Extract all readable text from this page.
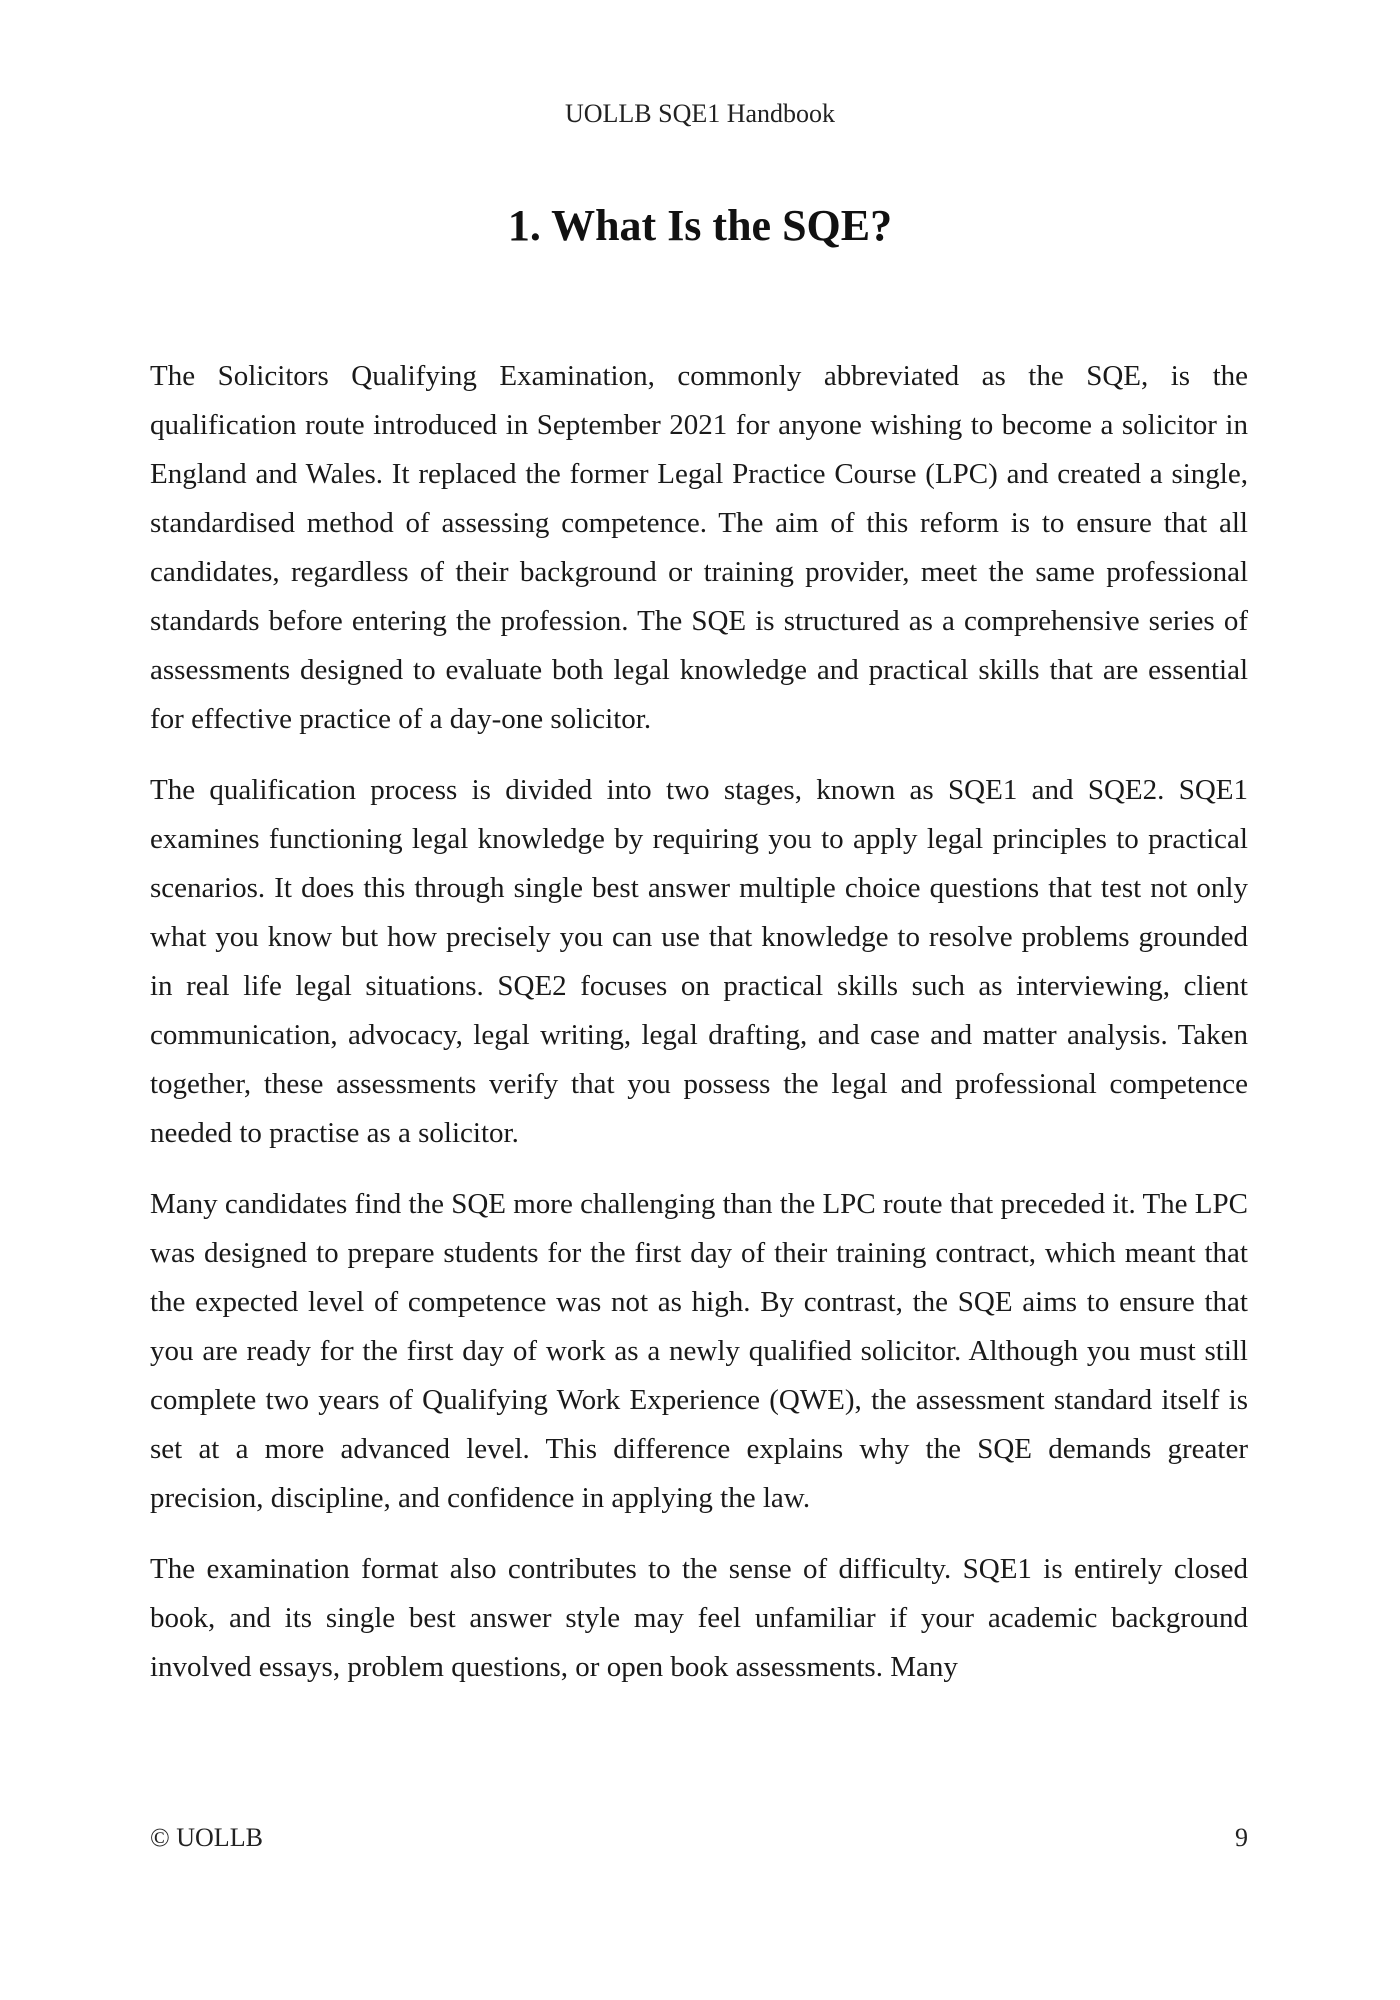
UOLLB SQE1 Handbook
1. What Is the SQE?

The Solicitors Qualifying Examination, commonly abbreviated as the SQE, is the qualification route introduced in September 2021 for anyone wishing to become a solicitor in England and Wales. It replaced the former Legal Practice Course (LPC) and created a single, standardised method of assessing competence. The aim of this reform is to ensure that all candidates, regardless of their background or training provider, meet the same professional standards before entering the profession. The SQE is structured as a comprehensive series of assessments designed to evaluate both legal knowledge and practical skills that are essential for effective practice of a day-one solicitor.

The qualification process is divided into two stages, known as SQE1 and SQE2. SQE1 examines functioning legal knowledge by requiring you to apply legal principles to practical scenarios. It does this through single best answer multiple choice questions that test not only what you know but how precisely you can use that knowledge to resolve problems grounded in real life legal situations. SQE2 focuses on practical skills such as interviewing, client communication, advocacy, legal writing, legal drafting, and case and matter analysis. Taken together, these assessments verify that you possess the legal and professional competence needed to practise as a solicitor.

Many candidates find the SQE more challenging than the LPC route that preceded it. The LPC was designed to prepare students for the first day of their training contract, which meant that the expected level of competence was not as high. By contrast, the SQE aims to ensure that you are ready for the first day of work as a newly qualified solicitor. Although you must still complete two years of Qualifying Work Experience (QWE), the assessment standard itself is set at a more advanced level. This difference explains why the SQE demands greater precision, discipline, and confidence in applying the law.

The examination format also contributes to the sense of difficulty. SQE1 is entirely closed book, and its single best answer style may feel unfamiliar if your academic background involved essays, problem questions, or open book assessments. Many

© UOLLB	9
